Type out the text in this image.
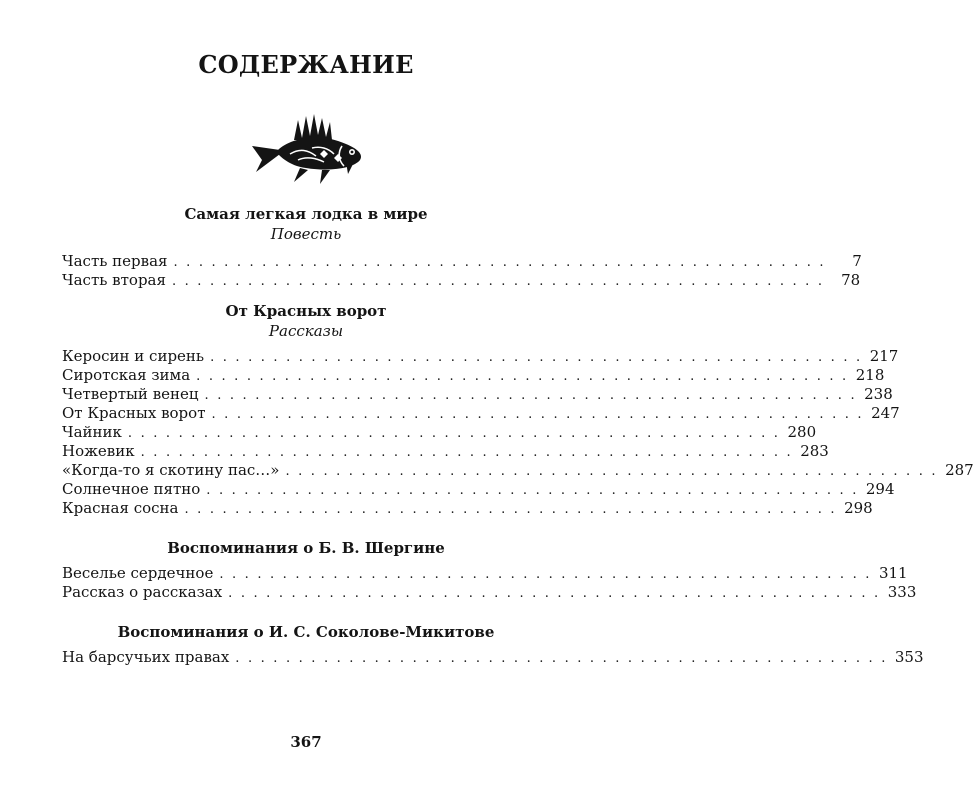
СОДЕРЖАНИЕ
Самая легкая лодка в мире
Повесть
Часть первая . . . . . . . . . . . . . . . . . . . . . . . . . . . . . . . . . . . . . . . . . . . . . . . . . . . .	7
Часть вторая . . . . . . . . . . . . . . . . . . . . . . . . . . . . . . . . . . . . . . . . . . . . . . . . . . . .	78
От Красных ворот
Рассказы
Керосин и сирень . . . . . . . . . . . . . . . . . . . . . . . . . . . . . . . . . . . . . . . . . . . . . . . . . . . . 217
Сиротская зима . . . . . . . . . . . . . . . . . . . . . . . . . . . . . . . . . . . . . . . . . . . . . . . . . . . . 218
Четвертый венец . . . . . . . . . . . . . . . . . . . . . . . . . . . . . . . . . . . . . . . . . . . . . . . . . . . . 238
От Красных ворот . . . . . . . . . . . . . . . . . . . . . . . . . . . . . . . . . . . . . . . . . . . . . . . . . . . . 247
Чайник . . . . . . . . . . . . . . . . . . . . . . . . . . . . . . . . . . . . . . . . . . . . . . . . . . . . 280
Ножевик . . . . . . . . . . . . . . . . . . . . . . . . . . . . . . . . . . . . . . . . . . . . . . . . . . . . 283
«Когда-то я скотину пас…» . . . . . . . . . . . . . . . . . . . . . . . . . . . . . . . . . . . . . . . . . . . . . . . . . . . . 287
Солнечное пятно . . . . . . . . . . . . . . . . . . . . . . . . . . . . . . . . . . . . . . . . . . . . . . . . . . . . 294
Красная сосна . . . . . . . . . . . . . . . . . . . . . . . . . . . . . . . . . . . . . . . . . . . . . . . . . . . . 298
Воспоминания о Б. В. Шергине
Веселье сердечное . . . . . . . . . . . . . . . . . . . . . . . . . . . . . . . . . . . . . . . . . . . . . . . . . . . . 311
Рассказ о рассказах . . . . . . . . . . . . . . . . . . . . . . . . . . . . . . . . . . . . . . . . . . . . . . . . . . . . 333
Воспоминания о И. С. Соколове-Микитове
На барсучьих правах . . . . . . . . . . . . . . . . . . . . . . . . . . . . . . . . . . . . . . . . . . . . . . . . . . . . 353
367
